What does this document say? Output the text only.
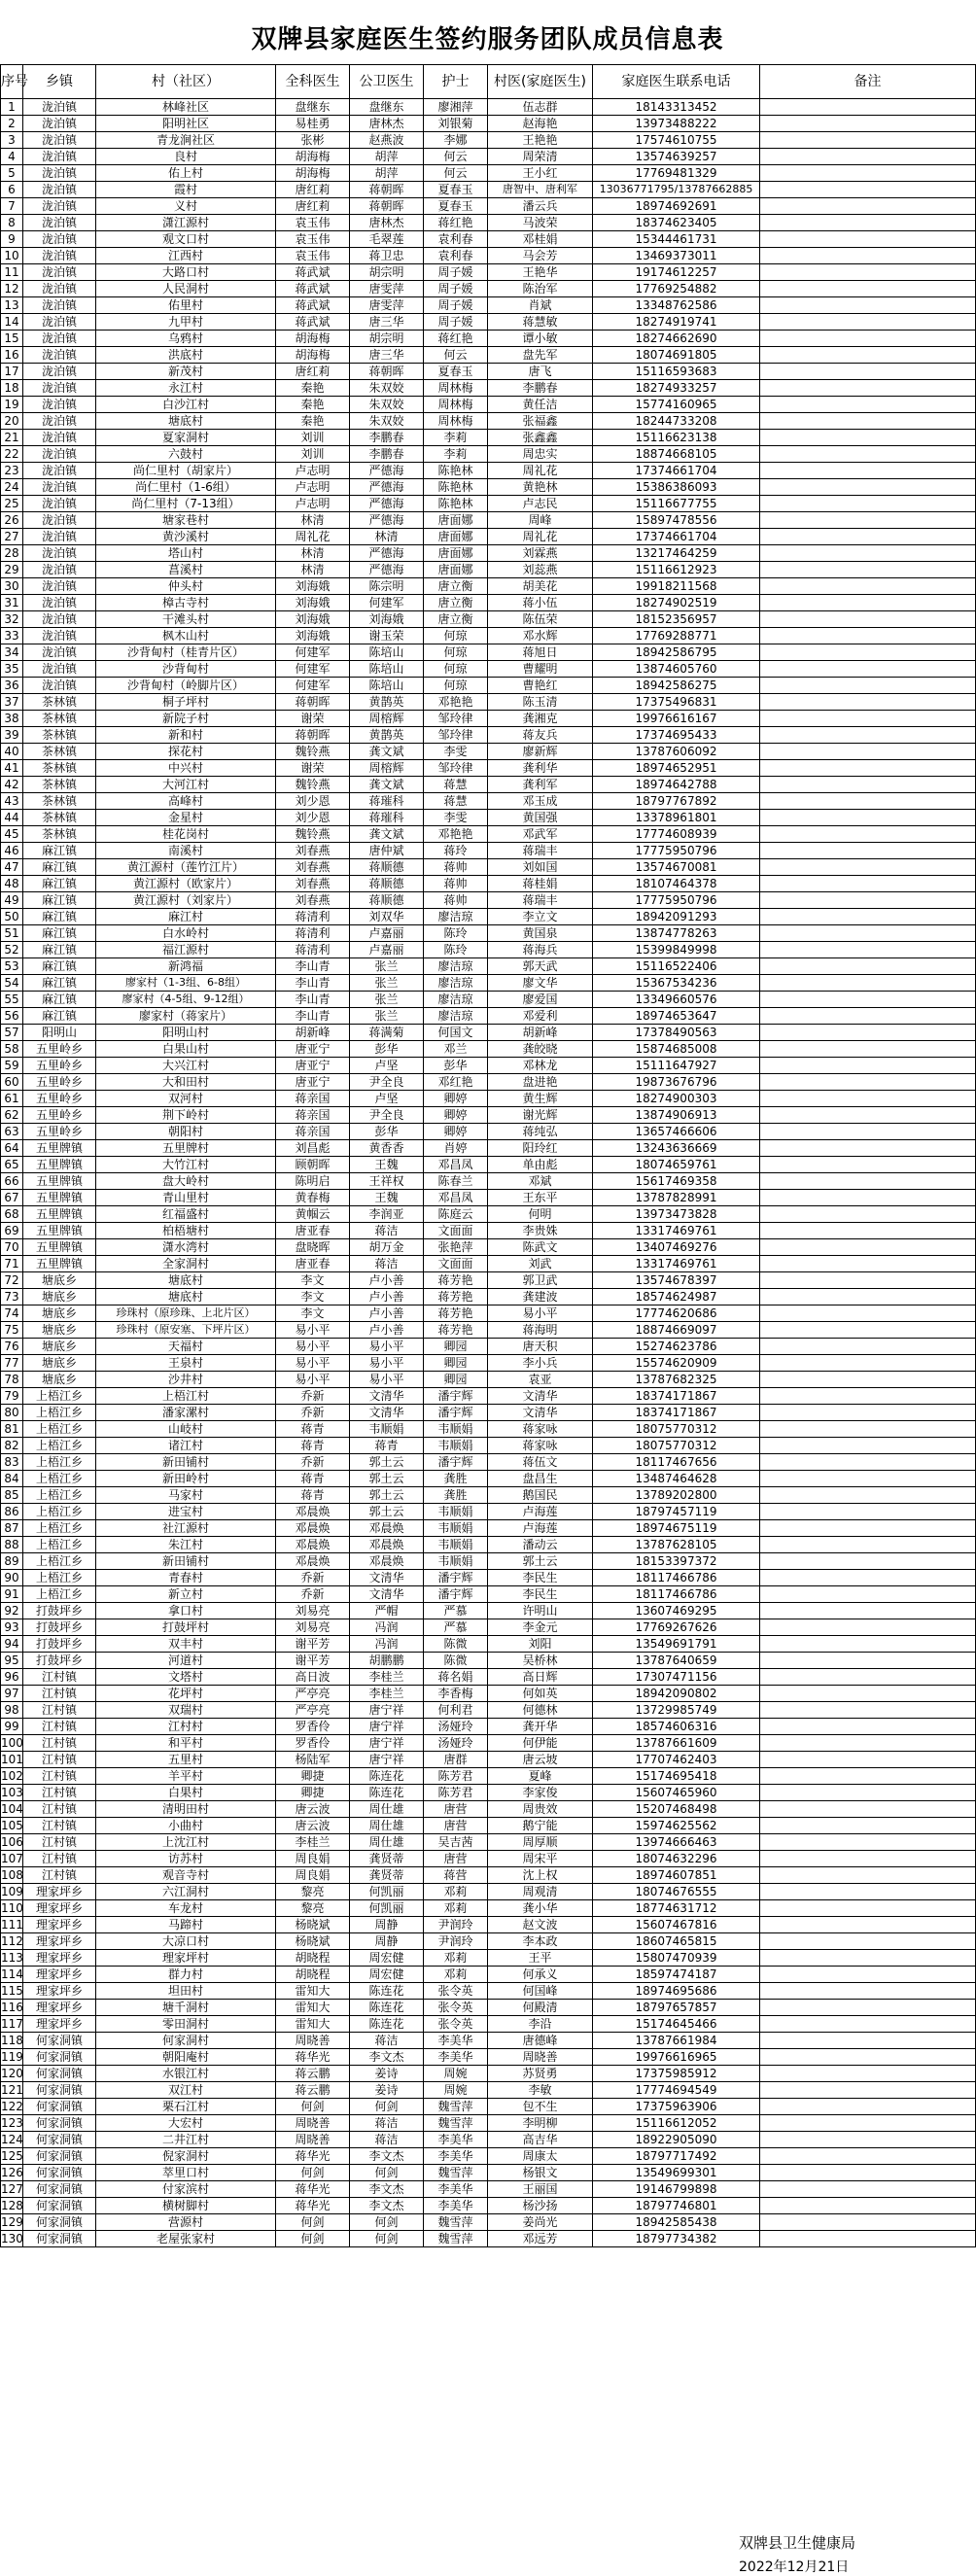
双牌县家庭医生签约服务团队成员信息表
序号	乡镇	村（社区）	全科医生	公卫医生	护士	村医(家庭医生)	家庭医生联系电话	备注
1	泷泊镇	林峰社区	盘继东	盘继东	廖湘萍	伍志群	18143313452	
2	泷泊镇	阳明社区	易桂勇	唐林杰	刘银菊	赵海艳	13973488222	
3	泷泊镇	青龙涧社区	张彬	赵燕波	李娜	王艳艳	17574610755	
4	泷泊镇	良村	胡海梅	胡萍	何云	周荣清	13574639257	
5	泷泊镇	佑上村	胡海梅	胡萍	何云	王小红	17769481329	
6	泷泊镇	霞村	唐红莉	蒋朝晖	夏春玉	唐智中、唐利军	13036771795/13787662885	
7	泷泊镇	义村	唐红莉	蒋朝晖	夏春玉	潘云兵	18974692691	
8	泷泊镇	潇江源村	袁玉伟	唐林杰	蒋红艳	马波荣	18374623405	
9	泷泊镇	观文口村	袁玉伟	毛翠莲	袁利春	邓桂娟	15344461731	
10	泷泊镇	江西村	袁玉伟	蒋卫忠	袁利春	马会芳	13469373011	
11	泷泊镇	大路口村	蒋武斌	胡宗明	周子媛	王艳华	19174612257	
12	泷泊镇	人民洞村	蒋武斌	唐雯萍	周子媛	陈治军	17769254882	
13	泷泊镇	佑里村	蒋武斌	唐雯萍	周子媛	肖斌	13348762586	
14	泷泊镇	九甲村	蒋武斌	唐三华	周子媛	蒋慧敏	18274919741	
15	泷泊镇	乌鸦村	胡海梅	胡宗明	蒋红艳	谭小敏	18274662690	
16	泷泊镇	洪底村	胡海梅	唐三华	何云	盘先军	18074691805	
17	泷泊镇	新茂村	唐红莉	蒋朝晖	夏春玉	唐飞	15116593683	
18	泷泊镇	永江村	秦艳	朱双姣	周林梅	李鹏春	18274933257	
19	泷泊镇	白沙江村	秦艳	朱双姣	周林梅	黄任洁	15774160965	
20	泷泊镇	塘底村	秦艳	朱双姣	周林梅	张福鑫	18244733208	
21	泷泊镇	夏家洞村	刘训	李鹏春	李莉	张鑫鑫	15116623138	
22	泷泊镇	六鼓村	刘训	李鹏春	李莉	周忠实	18874668105	
23	泷泊镇	尚仁里村（胡家片）	卢志明	严德海	陈艳林	周礼花	17374661704	
24	泷泊镇	尚仁里村（1-6组）	卢志明	严德海	陈艳林	黄艳林	15386386093	
25	泷泊镇	尚仁里村（7-13组）	卢志明	严德海	陈艳林	卢志民	15116677755	
26	泷泊镇	塘家巷村	林清	严德海	唐面娜	周峰	15897478556	
27	泷泊镇	黄沙溪村	周礼花	林清	唐面娜	周礼花	17374661704	
28	泷泊镇	塔山村	林清	严德海	唐面娜	刘霖燕	13217464259	
29	泷泊镇	菖溪村	林清	严德海	唐面娜	刘蕊燕	15116612923	
30	泷泊镇	仲头村	刘海娥	陈宗明	唐立衡	胡美花	19918211568	
31	泷泊镇	樟古寺村	刘海娥	何建军	唐立衡	蒋小伍	18274902519	
32	泷泊镇	干滩头村	刘海娥	刘海娥	唐立衡	陈伍荣	18152356957	
33	泷泊镇	枫木山村	刘海娥	谢玉荣	何琼	邓水辉	17769288771	
34	泷泊镇	沙背甸村（桂青片区）	何建军	陈培山	何琼	蒋旭日	18942586795	
35	泷泊镇	沙背甸村	何建军	陈培山	何琼	曹耀明	13874605760	
36	泷泊镇	沙背甸村（岭脚片区）	何建军	陈培山	何琼	曹艳红	18942586275	
37	茶林镇	桐子坪村	蒋朝晖	黄鹊英	邓艳艳	陈玉清	17375496831	
38	茶林镇	新院子村	谢荣	周榕辉	邹玲律	龚湘克	19976616167	
39	茶林镇	新和村	蒋朝晖	黄鹊英	邹玲律	蒋友兵	17374695433	
40	茶林镇	探花村	魏铃燕	龚文斌	李雯	廖新辉	13787606092	
41	茶林镇	中兴村	谢荣	周榕辉	邹玲律	龚利华	18974652951	
42	茶林镇	大河江村	魏铃燕	龚文斌	蒋慧	龚利军	18974642788	
43	茶林镇	高峰村	刘少恩	蒋璀科	蒋慧	邓玉成	18797767892	
44	茶林镇	金星村	刘少恩	蒋璀科	李雯	黄国强	13378961801	
45	茶林镇	桂花岗村	魏铃燕	龚文斌	邓艳艳	邓武军	17774608939	
46	麻江镇	南溪村	刘春燕	唐仲斌	蒋玲	蒋瑞丰	17775950796	
47	麻江镇	黄江源村（莲竹江片）	刘春燕	蒋顺德	蒋帅	刘如国	13574670081	
48	麻江镇	黄江源村（欧家片）	刘春燕	蒋顺德	蒋帅	蒋桂娟	18107464378	
49	麻江镇	黄江源村（刘家片）	刘春燕	蒋顺德	蒋帅	蒋瑞丰	17775950796	
50	麻江镇	麻江村	蒋清利	刘双华	廖洁琼	李立文	18942091293	
51	麻江镇	白水岭村	蒋清利	卢嘉丽	陈玲	黄国泉	13874778263	
52	麻江镇	福江源村	蒋清利	卢嘉丽	陈玲	蒋海兵	15399849998	
53	麻江镇	新鸿福	李山青	张兰	廖洁琼	郭天武	15116522406	
54	麻江镇	廖家村（1-3组、6-8组）	李山青	张兰	廖洁琼	廖文华	15367534236	
55	麻江镇	廖家村（4-5组、9-12组）	李山青	张兰	廖洁琼	廖爱国	13349660576	
56	麻江镇	廖家村（蒋家片）	李山青	张兰	廖洁琼	邓爱利	18974653647	
57	阳明山	阳明山村	胡新峰	蒋满菊	何国文	胡新峰	17378490563	
58	五里岭乡	白果山村	唐亚宁	彭华	邓兰	龚皎晓	15874685008	
59	五里岭乡	大兴江村	唐亚宁	卢坚	彭华	邓林龙	15111647927	
60	五里岭乡	大和田村	唐亚宁	尹全良	邓红艳	盘进艳	19873676796	
61	五里岭乡	双河村	蒋亲国	卢坚	卿婷	黄生辉	18274900303	
62	五里岭乡	荆下岭村	蒋亲国	尹全良	卿婷	谢光辉	13874906913	
63	五里岭乡	朝阳村	蒋亲国	彭华	卿婷	蒋纯弘	13657466606	
64	五里牌镇	五里牌村	刘昌彪	黄香香	肖婷	阳玲红	13243636669	
65	五里牌镇	大竹江村	顾朝晖	王魏	邓昌凤	单由彪	18074659761	
66	五里牌镇	盘大岭村	陈明启	王祥权	陈春兰	邓斌	15617469358	
67	五里牌镇	青山里村	黄春梅	王魏	邓昌凤	王东平	13787828991	
68	五里牌镇	红福盛村	黄帼云	李润亚	陈庭云	何明	13973473828	
69	五里牌镇	柏梧塘村	唐亚春	蒋洁	文面面	李贵姝	13317469761	
70	五里牌镇	潇水湾村	盘晓晖	胡万金	张艳萍	陈武文	13407469276	
71	五里牌镇	全家洞村	唐亚春	蒋洁	文面面	刘武	13317469761	
72	塘底乡	塘底村	李文	卢小善	蒋芳艳	郭卫武	13574678397	
73	塘底乡	塘底村	李文	卢小善	蒋芳艳	龚建波	18574624987	
74	塘底乡	珍珠村（原珍珠、上北片区）	李文	卢小善	蒋芳艳	易小平	17774620686	
75	塘底乡	珍珠村（原安塞、下坪片区）	易小平	卢小善	蒋芳艳	蒋海明	18874669097	
76	塘底乡	天福村	易小平	易小平	卿园	唐天积	15274623786	
77	塘底乡	王泉村	易小平	易小平	卿园	李小兵	15574620909	
78	塘底乡	沙井村	易小平	易小平	卿园	袁亚	13787682325	
79	上梧江乡	上梧江村	乔新	文清华	潘宇辉	文清华	18374171867	
80	上梧江乡	潘家漯村	乔新	文清华	潘宇辉	文清华	18374171867	
81	上梧江乡	山岐村	蒋青	韦顺娟	韦顺娟	蒋家咏	18075770312	
82	上梧江乡	诸江村	蒋青	蒋青	韦顺娟	蒋家咏	18075770312	
83	上梧江乡	新田铺村	乔新	郭土云	潘宇辉	蒋伍文	18117467656	
84	上梧江乡	新田岭村	蒋青	郭土云	龚胜	盘昌生	13487464628	
85	上梧江乡	马家村	蒋青	郭土云	龚胜	鹅国民	13789202800	
86	上梧江乡	进宝村	邓晨焕	郭土云	韦顺娟	卢海莲	18797457119	
87	上梧江乡	社江源村	邓晨焕	邓晨焕	韦顺娟	卢海莲	18974675119	
88	上梧江乡	朱江村	邓晨焕	邓晨焕	韦顺娟	潘动云	13787628105	
89	上梧江乡	新田铺村	邓晨焕	邓晨焕	韦顺娟	郭土云	18153397372	
90	上梧江乡	青春村	乔新	文清华	潘宇辉	李民生	18117466786	
91	上梧江乡	新立村	乔新	文清华	潘宇辉	李民生	18117466786	
92	打鼓坪乡	拿口村	刘易亮	严帽	严慕	许明山	13607469295	
93	打鼓坪乡	打鼓坪村	刘易亮	冯润	严慕	李金元	17769267626	
94	打鼓坪乡	双丰村	谢平芳	冯润	陈微	刘阳	13549691791	
95	打鼓坪乡	河道村	谢平芳	胡鹏鹏	陈微	吴桥林	13787640659	
96	江村镇	文塔村	高日波	李桂兰	蒋名娟	高日辉	17307471156	
97	江村镇	花坪村	严亭亮	李桂兰	李香梅	何如英	18942090802	
98	江村镇	双瑞村	严亭亮	唐宁祥	何利君	何德林	13729985749	
99	江村镇	江村村	罗香伶	唐宁祥	汤娅玲	龚开华	18574606316	
100	江村镇	和平村	罗香伶	唐宁祥	汤娅玲	何伊能	13787661609	
101	江村镇	五里村	杨陆军	唐宁祥	唐群	唐云坡	17707462403	
102	江村镇	羊平村	卿捷	陈连花	陈芳君	夏峰	15174695418	
103	江村镇	白果村	卿捷	陈连花	陈芳君	李家俊	15607465960	
104	江村镇	清明田村	唐云波	周仕雄	唐营	周贵效	15207468498	
105	江村镇	小曲村	唐云波	周仕雄	唐营	鹅宁能	15974625562	
106	江村镇	上沈江村	李桂兰	周仕雄	吴吉茜	周厚顺	13974666463	
107	江村镇	访苏村	周良娟	龚贤蒂	唐营	周宋平	18074632296	
108	江村镇	观音寺村	周良娟	龚贤蒂	蒋营	沈上权	18974607851	
109	理家坪乡	六江洞村	黎亮	何凯丽	邓莉	周观清	18074676555	
110	理家坪乡	车龙村	黎亮	何凯丽	邓莉	龚小华	18774631712	
111	理家坪乡	马蹄村	杨晓斌	周静	尹润玲	赵文波	15607467816	
112	理家坪乡	大凉口村	杨晓斌	周静	尹润玲	李本政	18607465815	
113	理家坪乡	理家坪村	胡晓程	周宏健	邓莉	王平	15807470939	
114	理家坪乡	群力村	胡晓程	周宏健	邓莉	何承义	18597474187	
115	理家坪乡	坦田村	雷知大	陈连花	张令英	何国峰	18974695686	
116	理家坪乡	塘千洞村	雷知大	陈连花	张令英	何殿清	18797657857	
117	理家坪乡	零田洞村	雷知大	陈连花	张令英	李沿	15174645466	
118	何家洞镇	何家洞村	周晓善	蒋洁	李美华	唐德峰	13787661984	
119	何家洞镇	朝阳庵村	蒋华光	李文杰	李美华	周晓善	19976616965	
120	何家洞镇	水银江村	蒋云鹏	姜诗	周婉	苏贤勇	17375985912	
121	何家洞镇	双江村	蒋云鹏	姜诗	周婉	李敏	17774694549	
122	何家洞镇	栗石江村	何剑	何剑	魏雪萍	包不生	17375963906	
123	何家洞镇	大宏村	周晓善	蒋洁	魏雪萍	李明柳	15116612052	
124	何家洞镇	二井江村	周晓善	蒋洁	李美华	高吉华	18922905090	
125	何家洞镇	倪家洞村	蒋华光	李文杰	李美华	周康太	18797717492	
126	何家洞镇	萃里口村	何剑	何剑	魏雪萍	杨银文	13549699301	
127	何家洞镇	付家滨村	蒋华光	李文杰	李美华	王丽国	19146799898	
128	何家洞镇	横树脚村	蒋华光	李文杰	李美华	杨沙扬	18797746801	
129	何家洞镇	营源村	何剑	何剑	魏雪萍	姜尚光	18942585438	
130	何家洞镇	老屋张家村	何剑	何剑	魏雪萍	邓远芳	18797734382	
双牌县卫生健康局
2022年12月21日
